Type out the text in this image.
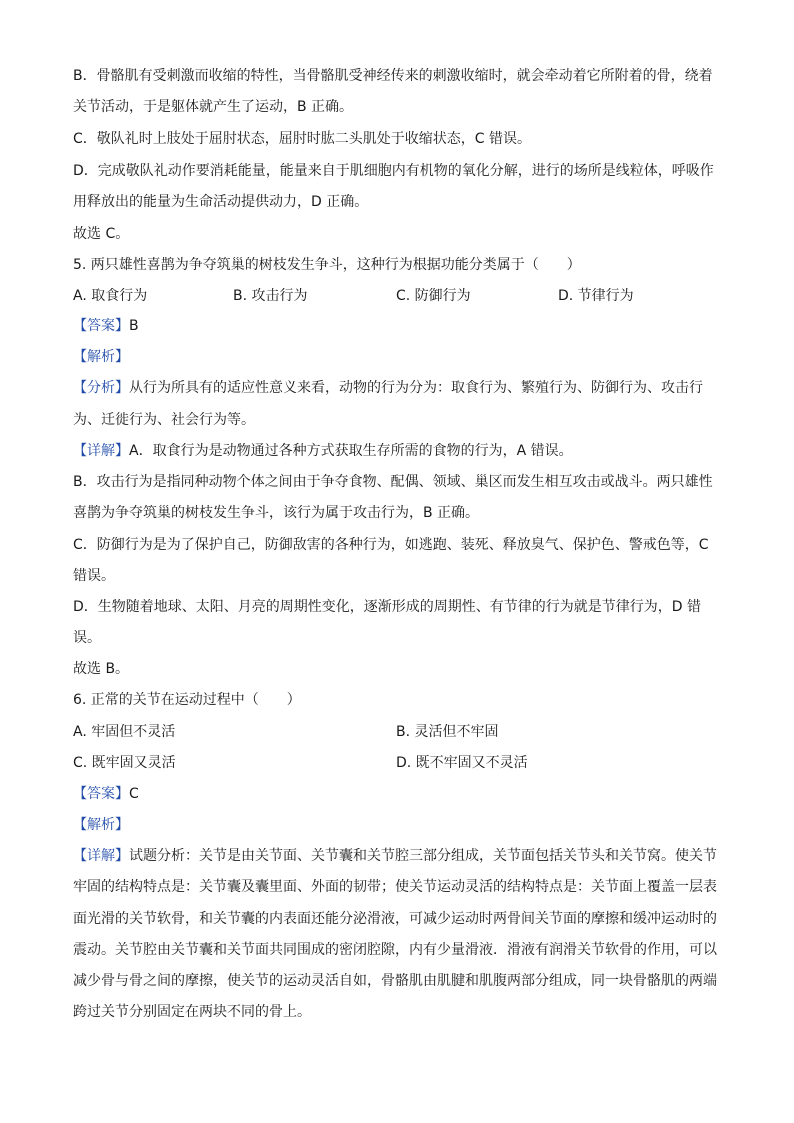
B．骨骼肌有受刺激而收缩的特性，当骨骼肌受神经传来的刺激收缩时，就会牵动着它所附着的骨，绕着
关节活动，于是躯体就产生了运动，B 正确。
C．敬队礼时上肢处于屈肘状态，屈肘时肱二头肌处于收缩状态，C 错误。
D．完成敬队礼动作要消耗能量，能量来自于肌细胞内有机物的氧化分解，进行的场所是线粒体，呼吸作
用释放出的能量为生命活动提供动力，D 正确。
故选 C。
5. 两只雄性喜鹊为争夺筑巢的树枝发生争斗，这种行为根据功能分类属于（　　）
A. 取食行为	B. 攻击行为	C. 防御行为	D. 节律行为
【答案】B
【解析】
【分析】从行为所具有的适应性意义来看，动物的行为分为：取食行为、繁殖行为、防御行为、攻击行
为、迁徙行为、社会行为等。
【详解】A．取食行为是动物通过各种方式获取生存所需的食物的行为，A 错误。
B．攻击行为是指同种动物个体之间由于争夺食物、配偶、领域、巢区而发生相互攻击或战斗。两只雄性
喜鹊为争夺筑巢的树枝发生争斗，该行为属于攻击行为，B 正确。
C．防御行为是为了保护自己，防御敌害的各种行为，如逃跑、装死、释放臭气、保护色、警戒色等，C
错误。
D．生物随着地球、太阳、月亮的周期性变化，逐渐形成的周期性、有节律的行为就是节律行为，D 错
误。
故选 B。
6. 正常的关节在运动过程中（　　）
A. 牢固但不灵活	B. 灵活但不牢固
C. 既牢固又灵活	D. 既不牢固又不灵活
【答案】C
【解析】
【详解】试题分析：关节是由关节面、关节囊和关节腔三部分组成，关节面包括关节头和关节窝。使关节
牢固的结构特点是：关节囊及囊里面、外面的韧带；使关节运动灵活的结构特点是：关节面上覆盖一层表
面光滑的关节软骨，和关节囊的内表面还能分泌滑液，可减少运动时两骨间关节面的摩擦和缓冲运动时的
震动。关节腔由关节囊和关节面共同围成的密闭腔隙，内有少量滑液．滑液有润滑关节软骨的作用，可以
减少骨与骨之间的摩擦，使关节的运动灵活自如，骨骼肌由肌腱和肌腹两部分组成，同一块骨骼肌的两端
跨过关节分别固定在两块不同的骨上。
